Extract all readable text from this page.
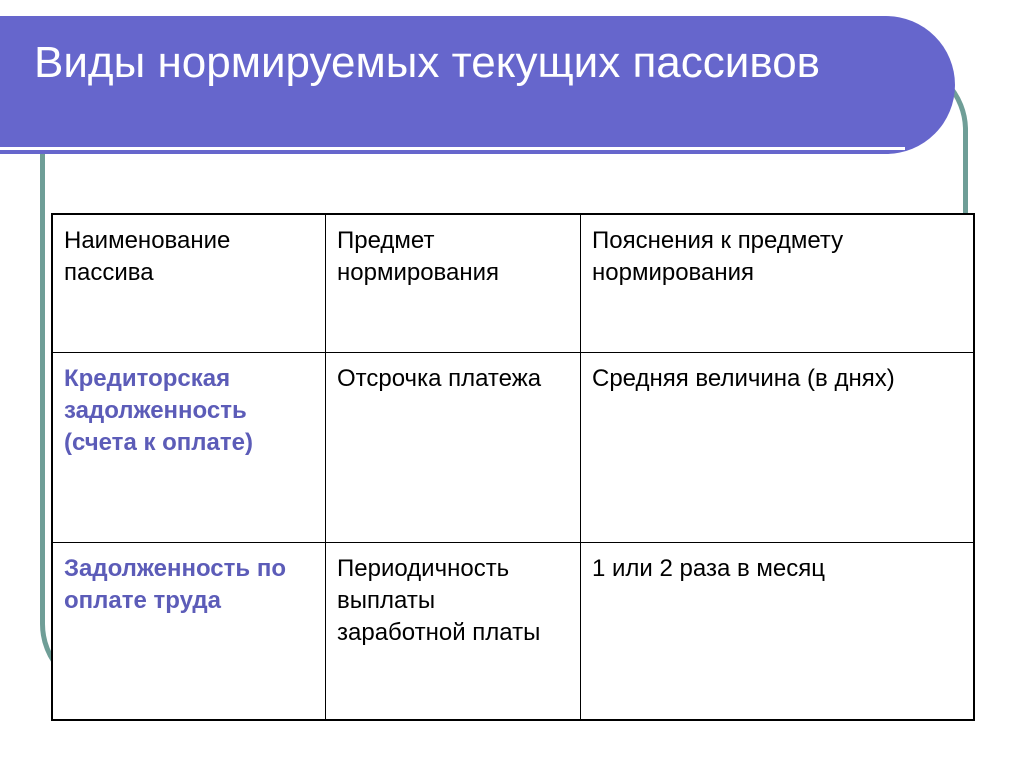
Виды нормируемых текущих пассивов
Наименование пассива	Предмет нормирования	Пояснения к предмету нормирования
Кредиторская задолженность (счета к оплате)	Отсрочка платежа	Средняя величина (в днях)
Задолженность по оплате труда	Периодичность выплаты заработной платы	1 или 2 раза в месяц
